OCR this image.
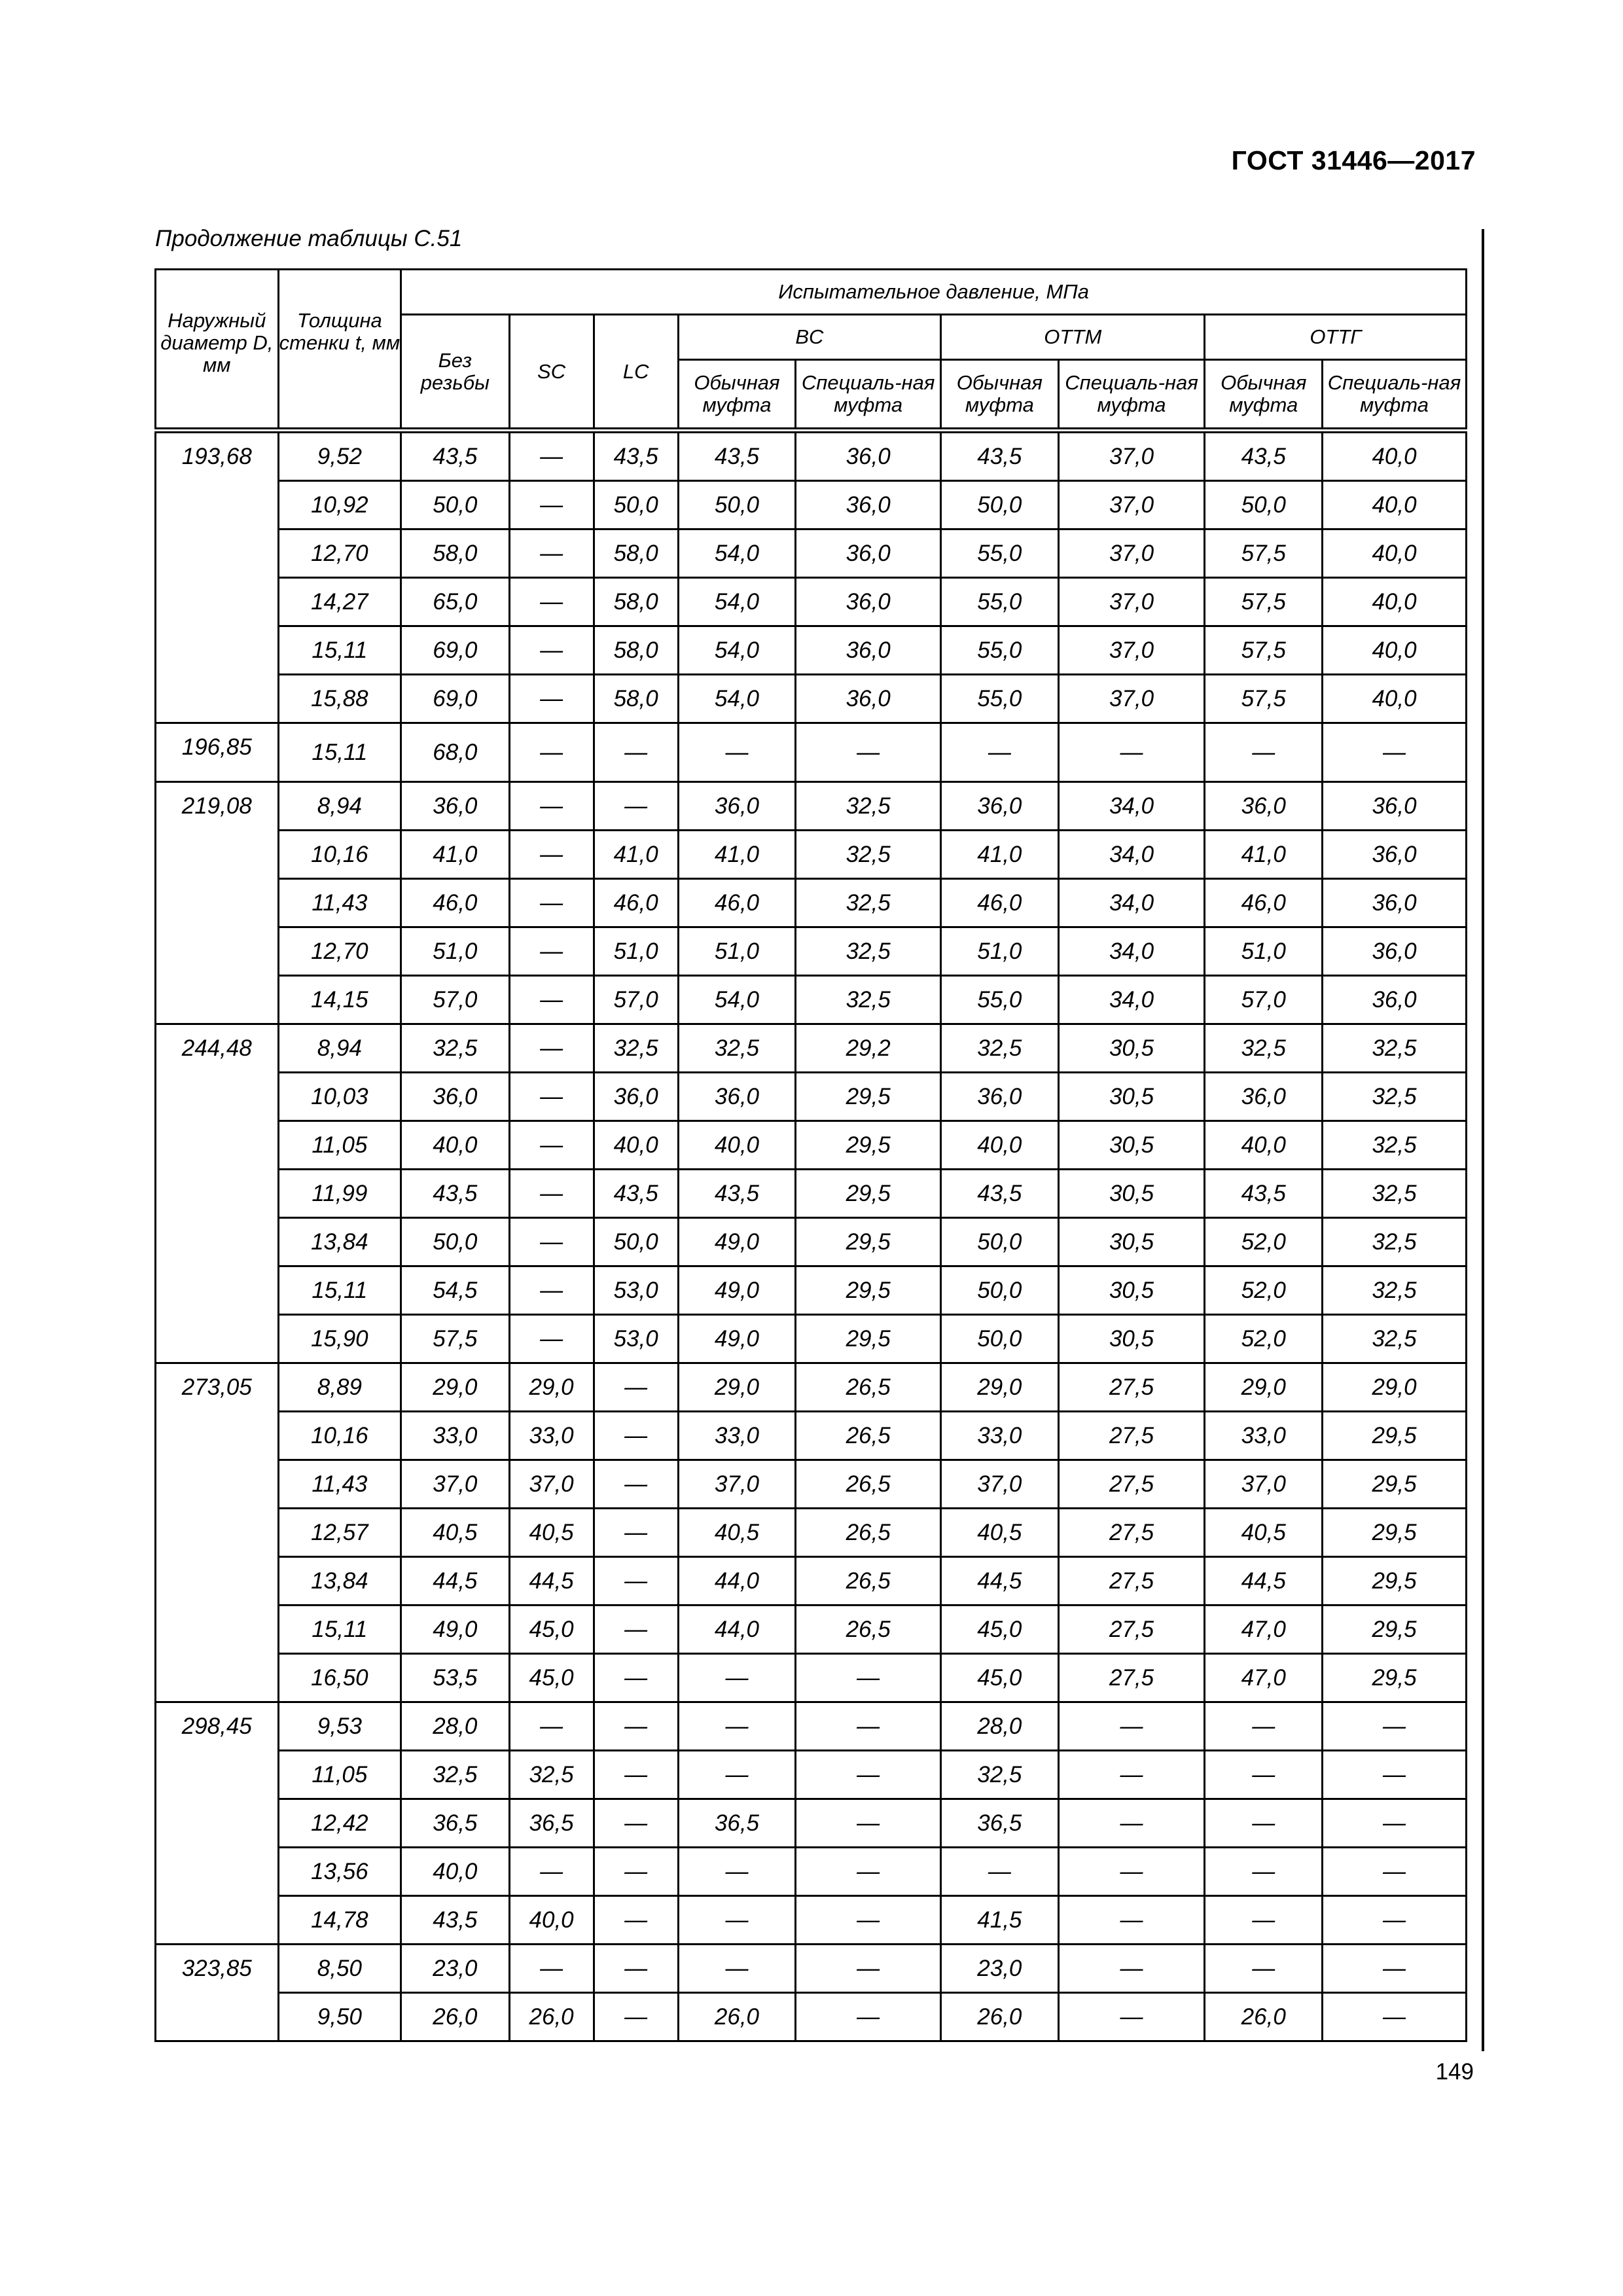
ГОСТ 31446—2017
Продолжение таблицы С.51
Наружный диаметр D, мм	Толщина стенки t, мм	Испытательное давление, МПа								
		Без резьбы	SC	LC	BC		ОТТМ		ОТТГ	
					Обычная муфта	Специаль-ная муфта	Обычная муфта	Специаль-ная муфта	Обычная муфта	Специаль-ная муфта
193,68	9,52	43,5	—	43,5	43,5	36,0	43,5	37,0	43,5	40,0
	10,92	50,0	—	50,0	50,0	36,0	50,0	37,0	50,0	40,0
	12,70	58,0	—	58,0	54,0	36,0	55,0	37,0	57,5	40,0
	14,27	65,0	—	58,0	54,0	36,0	55,0	37,0	57,5	40,0
	15,11	69,0	—	58,0	54,0	36,0	55,0	37,0	57,5	40,0
	15,88	69,0	—	58,0	54,0	36,0	55,0	37,0	57,5	40,0
196,85	15,11	68,0	—	—	—	—	—	—	—	—
219,08	8,94	36,0	—	—	36,0	32,5	36,0	34,0	36,0	36,0
	10,16	41,0	—	41,0	41,0	32,5	41,0	34,0	41,0	36,0
	11,43	46,0	—	46,0	46,0	32,5	46,0	34,0	46,0	36,0
	12,70	51,0	—	51,0	51,0	32,5	51,0	34,0	51,0	36,0
	14,15	57,0	—	57,0	54,0	32,5	55,0	34,0	57,0	36,0
244,48	8,94	32,5	—	32,5	32,5	29,2	32,5	30,5	32,5	32,5
	10,03	36,0	—	36,0	36,0	29,5	36,0	30,5	36,0	32,5
	11,05	40,0	—	40,0	40,0	29,5	40,0	30,5	40,0	32,5
	11,99	43,5	—	43,5	43,5	29,5	43,5	30,5	43,5	32,5
	13,84	50,0	—	50,0	49,0	29,5	50,0	30,5	52,0	32,5
	15,11	54,5	—	53,0	49,0	29,5	50,0	30,5	52,0	32,5
	15,90	57,5	—	53,0	49,0	29,5	50,0	30,5	52,0	32,5
273,05	8,89	29,0	29,0	—	29,0	26,5	29,0	27,5	29,0	29,0
	10,16	33,0	33,0	—	33,0	26,5	33,0	27,5	33,0	29,5
	11,43	37,0	37,0	—	37,0	26,5	37,0	27,5	37,0	29,5
	12,57	40,5	40,5	—	40,5	26,5	40,5	27,5	40,5	29,5
	13,84	44,5	44,5	—	44,0	26,5	44,5	27,5	44,5	29,5
	15,11	49,0	45,0	—	44,0	26,5	45,0	27,5	47,0	29,5
	16,50	53,5	45,0	—	—	—	45,0	27,5	47,0	29,5
298,45	9,53	28,0	—	—	—	—	28,0	—	—	—
	11,05	32,5	32,5	—	—	—	32,5	—	—	—
	12,42	36,5	36,5	—	36,5	—	36,5	—	—	—
	13,56	40,0	—	—	—	—	—	—	—	—
	14,78	43,5	40,0	—	—	—	41,5	—	—	—
323,85	8,50	23,0	—	—	—	—	23,0	—	—	—
	9,50	26,0	26,0	—	26,0	—	26,0	—	26,0	—
149
